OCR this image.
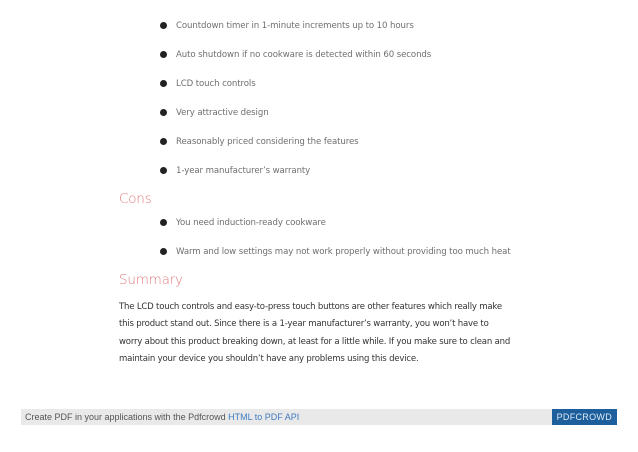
Countdown timer in 1-minute increments up to 10 hours
Auto shutdown if no cookware is detected within 60 seconds
LCD touch controls
Very attractive design
Reasonably priced considering the features
1-year manufacturer’s warranty
Cons
You need induction-ready cookware
Warm and low settings may not work properly without providing too much heat
Summary

The LCD touch controls and easy-to-press touch buttons are other features which really make
this product stand out. Since there is a 1-year manufacturer’s warranty, you won’t have to
worry about this product breaking down, at least for a little while. If you make sure to clean and
maintain your device you shouldn’t have any problems using this device.

Create PDF in your applications with the Pdfcrowd HTML to PDF API	PDFCROWD
